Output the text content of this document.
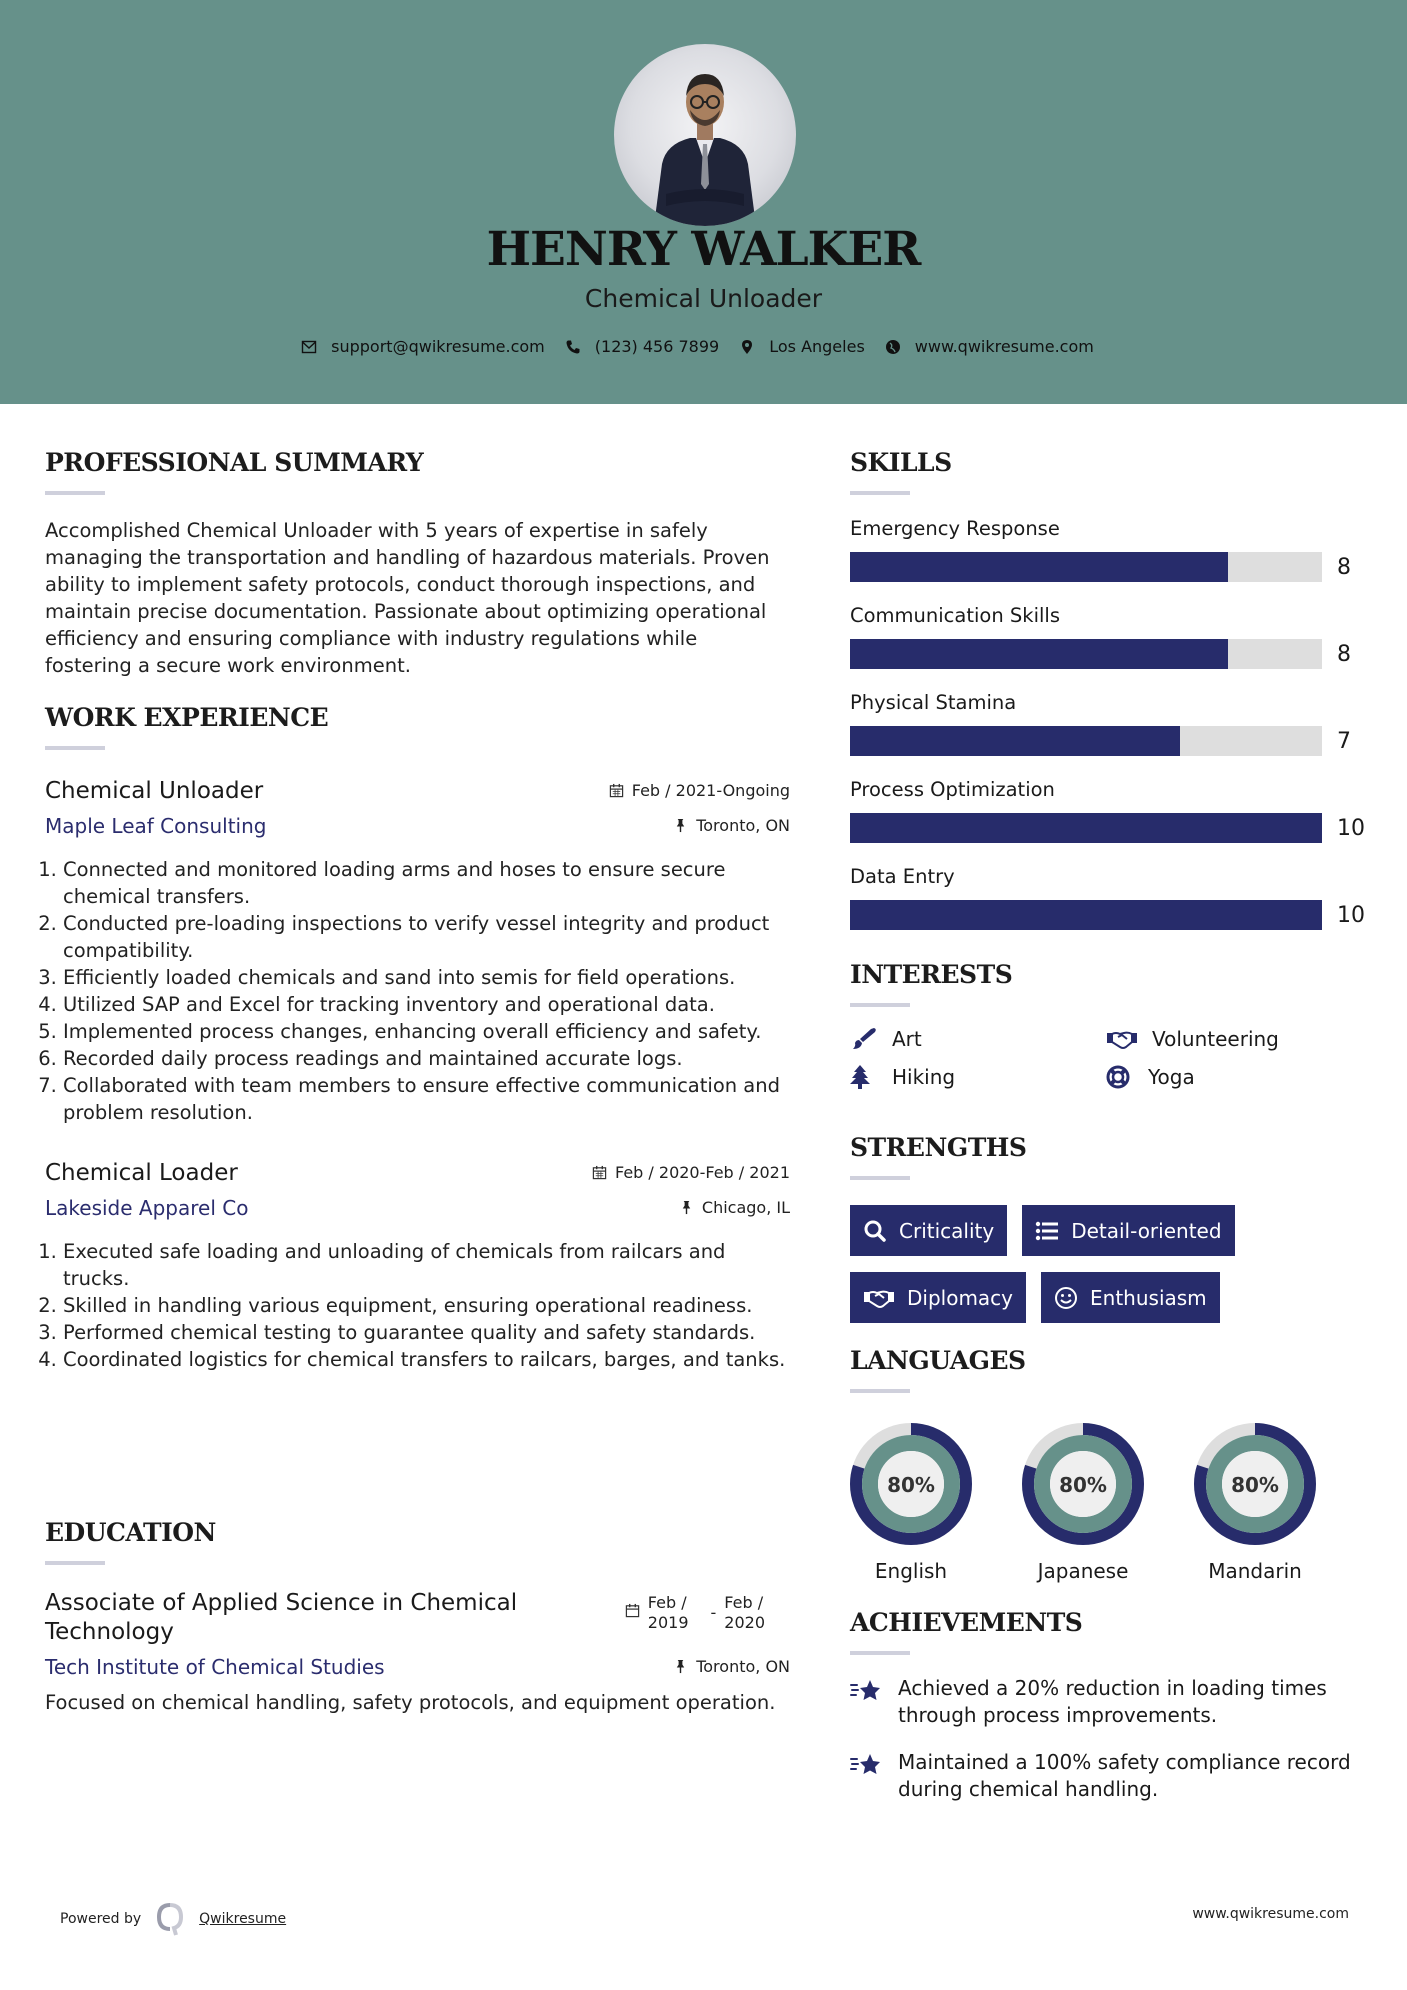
HENRY WALKER
Chemical Unloader
support@qwikresume.com	(123) 456 7899	Los Angeles	www.qwikresume.com
PROFESSIONAL SUMMARY

Accomplished Chemical Unloader with 5 years of expertise in safely managing the transportation and handling of hazardous materials. Proven ability to implement safety protocols, conduct thorough inspections, and maintain precise documentation. Passionate about optimizing operational efficiency and ensuring compliance with industry regulations while fostering a secure work environment.

WORK EXPERIENCE
Chemical Unloader	Feb / 2021-Ongoing
Maple Leaf Consulting	Toronto, ON
1. Connected and monitored loading arms and hoses to ensure secure chemical transfers.
2. Conducted pre-loading inspections to verify vessel integrity and product compatibility.
3. Efficiently loaded chemicals and sand into semis for field operations.
4. Utilized SAP and Excel for tracking inventory and operational data.
5. Implemented process changes, enhancing overall efficiency and safety.
6. Recorded daily process readings and maintained accurate logs.
7. Collaborated with team members to ensure effective communication and problem resolution.
Chemical Loader	Feb / 2020-Feb / 2021
Lakeside Apparel Co	Chicago, IL
1. Executed safe loading and unloading of chemicals from railcars and trucks.
2. Skilled in handling various equipment, ensuring operational readiness.
3. Performed chemical testing to guarantee quality and safety standards.
4. Coordinated logistics for chemical transfers to railcars, barges, and tanks.
EDUCATION
Associate of Applied Science in Chemical Technology
Feb /
2019
-
Feb /
2020
Tech Institute of Chemical Studies	Toronto, ON

Focused on chemical handling, safety protocols, and equipment operation.

SKILLS
Emergency Response
8
Communication Skills
8
Physical Stamina
7
Process Optimization
10
Data Entry
10
INTERESTS
Art	Volunteering
Hiking	Yoga
STRENGTHS
Criticality	Detail-oriented
Diplomacy	Enthusiasm
LANGUAGES
80%
English
80%
Japanese
80%
Mandarin
ACHIEVEMENTS
Achieved a 20% reduction in loading times through process improvements.
Maintained a 100% safety compliance record during chemical handling.
Powered by	Qwikresume	www.qwikresume.com
